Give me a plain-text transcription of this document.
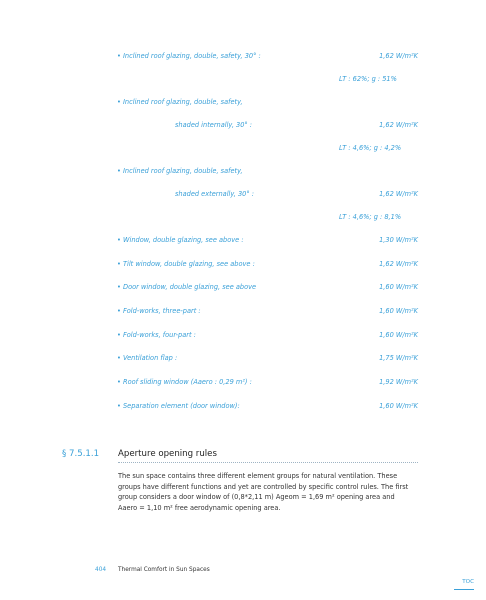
• Inclined roof glazing, double, safety, 30° :	1,62 W/m²K
LT : 62%; g : 51%
• Inclined roof glazing, double, safety,
shaded internally, 30° :	1,62 W/m²K
LT : 4,6%; g : 4,2%
• Inclined roof glazing, double, safety,
shaded externally, 30° :	1,62 W/m²K
LT : 4,6%; g : 8,1%
• Window, double glazing, see above :	1,30 W/m²K
• Tilt window, double glazing, see above :	1,62 W/m²K
• Door window, double glazing, see above	1,60 W/m²K
• Fold-works, three-part :	1,60 W/m²K
• Fold-works, four-part :	1,60 W/m²K
• Ventilation flap :	1,75 W/m²K
• Roof sliding window (Aaero : 0,29 m²) :	1,92 W/m²K
• Separation element (door window):	1,60 W/m²K
§ 7.5.1.1 Aperture opening rules
The sun space contains three different element groups for natural ventilation. These
groups have different functions and yet are controlled by specific control rules. The first
group considers a door window of (0,8*2,11 m) Ageom = 1,69 m² opening area and
Aaero = 1,10 m² free aerodynamic opening area.
404 Thermal Comfort in Sun Spaces
TOC
